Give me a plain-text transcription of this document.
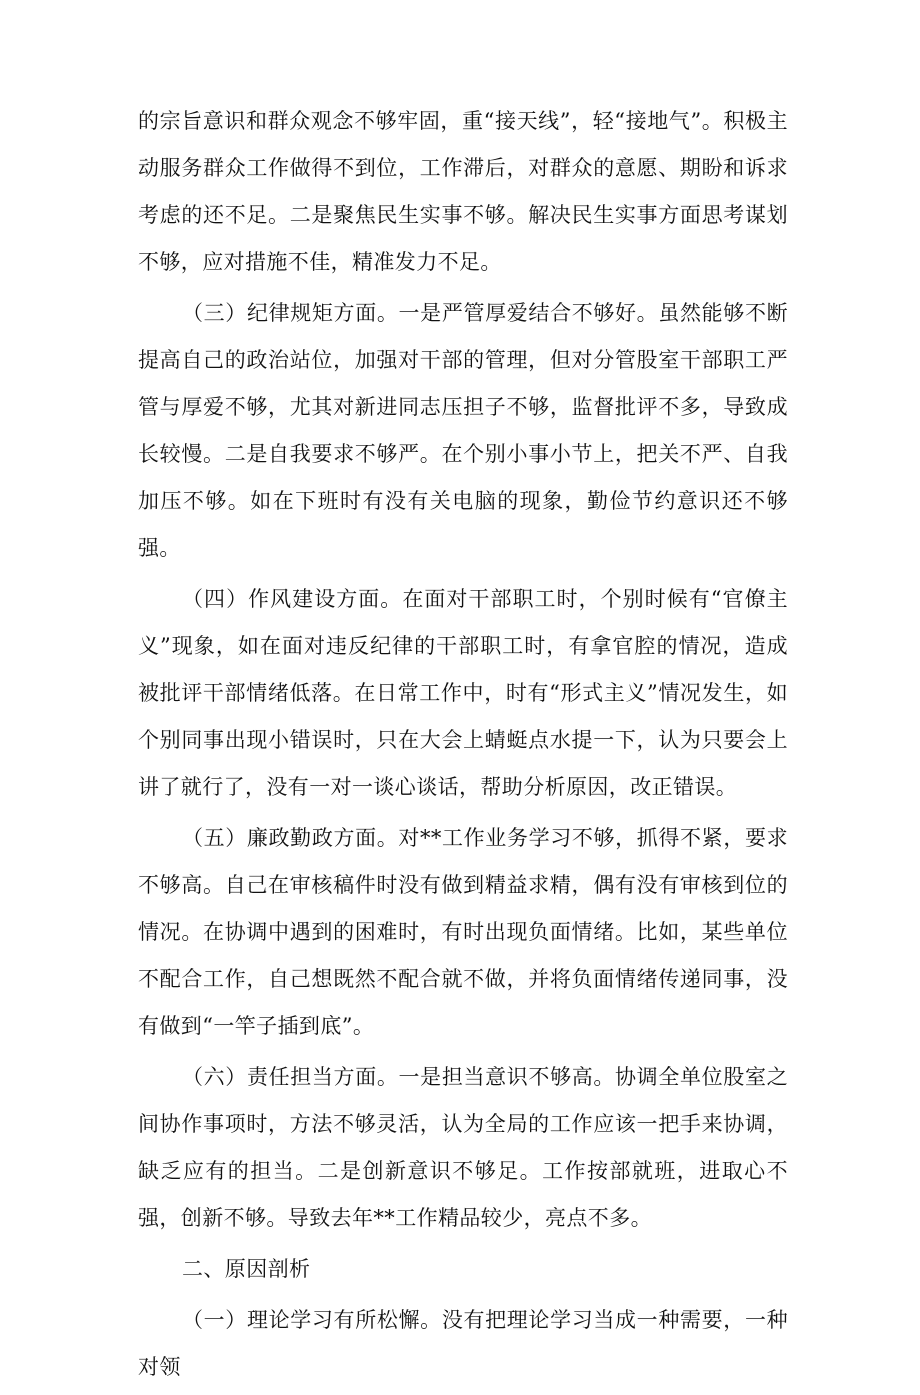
的宗旨意识和群众观念不够牢固，重“接天线”，轻“接地气”。积极主动服务群众工作做得不到位，工作滞后，对群众的意愿、期盼和诉求考虑的还不足。二是聚焦民生实事不够。解决民生实事方面思考谋划不够，应对措施不佳，精准发力不足。

（三）纪律规矩方面。一是严管厚爱结合不够好。虽然能够不断提高自己的政治站位，加强对干部的管理，但对分管股室干部职工严管与厚爱不够，尤其对新进同志压担子不够，监督批评不多，导致成长较慢。二是自我要求不够严。在个别小事小节上，把关不严、自我加压不够。如在下班时有没有关电脑的现象，勤俭节约意识还不够强。

（四）作风建设方面。在面对干部职工时，个别时候有“官僚主义”现象，如在面对违反纪律的干部职工时，有拿官腔的情况，造成被批评干部情绪低落。在日常工作中，时有“形式主义”情况发生，如个别同事出现小错误时，只在大会上蜻蜓点水提一下，认为只要会上讲了就行了，没有一对一谈心谈话，帮助分析原因，改正错误。

（五）廉政勤政方面。对**工作业务学习不够，抓得不紧，要求不够高。自己在审核稿件时没有做到精益求精，偶有没有审核到位的情况。在协调中遇到的困难时，有时出现负面情绪。比如，某些单位不配合工作，自己想既然不配合就不做，并将负面情绪传递同事，没有做到“一竿子插到底”。

（六）责任担当方面。一是担当意识不够高。协调全单位股室之间协作事项时，方法不够灵活，认为全局的工作应该一把手来协调，缺乏应有的担当。二是创新意识不够足。工作按部就班，进取心不强，创新不够。导致去年**工作精品较少，亮点不多。

二、原因剖析

（一）理论学习有所松懈。没有把理论学习当成一种需要，一种对领
